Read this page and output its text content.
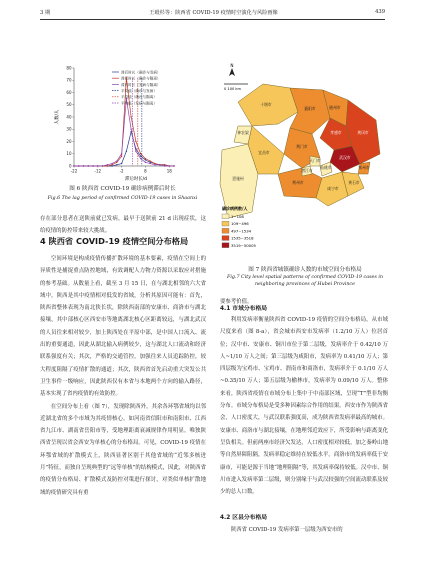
3 期	王殴杉等：陕西省 COVID-19 疫情时空演化与风险画像	439
0
10
20
30
40
50
60
70
80
-22	-12	-2	8	18
人数/人
滞后时长/d
滞后时长（确诊与发病）
滞后时长（确诊与隔离）
滞后时长（发病与隔离）
平均值（确诊与发病）
平均值（确诊与隔离）
平均值（发病与隔离）
图 6 陕西省 COVID-19 确诊病例滞后时长
Fig.6 The lag period of confirmed COVID-19 cases in Shaanxi
十堰市
襄阳市	随州市
荆门市
孝感市
武汉市
黄冈市
鄂州市
恩施州
宜昌市
荆州市
咸宁市
黄石市
天门市
潜江市
仙桃市
神农架
N
0 100 km
确诊病例数/人
1~108
109~496
497~1534
1535~3518
3519~50005
图 7 陕西省城镇确诊人数的市域空间分布格局
Fig.7 City level spatial patterns of confirmed COVID-19 cases in neighboring provinces of Hubei Province

存在部分患者在送陕前就已发病。最早于送陕前 21 d 出现症状，这给疫情的防控带来较大挑战。

4 陕西省 COVID-19 疫情空间分布格局

空间环境是构成疫情传播扩散环境的基本要素，疫情在空间上的异质性是捕捉重点防控地域，有效调配人力物力资源以采取应对措施的参考基础。从数量上看，截至 3 月 15 日，在与湖北相邻的六大省域中，陕西是其中疫情相对低发的省域，分析其原因可能有：首先，陕西省整体表现为南北狭长状，除陕西南部的安康市、商洛市与湖北接壤，其中部核心区西安市等地离湖北核心区距离较远，与湖北武汉的人员往来相对较少，加上陕西处在平原中部，是中国人口流入、流出的重要通道，因此从湖北输入病例较少，这与湖北人口流动和经济联系强度有关；其次，严格的交通管控，加强往来人员追踪防控，较大程度阻隔了疫情扩散的通道；其次，陕西省首先启动重大突发公共卫生事件一级响应，因此陕西仅有本省与本地两个方向的输入路径，基本实现了省内疫情的有效防控。

在空间分布上看（图 7），发现除陕西外，其余各环鄂省域均以邻近湖北省的多个市域为其疫情核心，如河南省信阳市和南阳市、江西省九江市、湖南省岳阳市等，受地理距离衰减规律作用明显。唯独陕西省呈现以省会西安为单核心的分布格局。可见，COVID-19 疫情在环鄂省域的扩散模式上，陕西显著区别于其他省域的“近邻多核迸月”特征，而独自呈现典型的“远等单核”的结构模式，因此，对陕西省的疫情分布格局、扩散模式及防控对策进行探讨，对类似单核扩散地域的疫情研究具有重

要参考价值。

4.1 市域分布格局

利用发病率衡量陕西省 COVID-19 疫情的空间分布格局，从市域尺度来看（图 8-a），省会城市西安市发病率（1.2/10 万人）位居首位；汉中市、安康市、铜川市位于第二层级，发病率介于 0.42/10 万人~1/10 万人之间；第三层级为咸阳市，发病率为 0.41/10 万人；第四层级为宝鸡市、宝鸡市、渭南市和商洛市，发病率介于 0.1/10 万人~0.35/10 万人；第五层级为榆林市，发病率为 0.09/10 万人。整体来看，陕西省疫情在市域分布上集中于中南部区域，呈现“T”型非均衡分布。市域分布格局是受多种因素综合作用的结果。西安市作为陕西省会，人口密度大，与武汉联系强度高，成为陕西省发病率最高的城市。安康市、商洛市与湖北接壤，在地理邻近效应下，所受影响与距离变化呈负相关。但前两座市经济欠发达，人口密度相对较低，加之秦岭山地等自然屏障阻隔，发病率稳定维持在较低水平。商洛市的发病率低于安康市，可能是源于当地“地理阻隔”等，其发病率保持较低。汉中市、铜川市进入发病率第二层级，则分别缘于与武汉较强的空间流动联系及较少的总人口数。

4.2 区县分布格局

陕西省 COVID-19 发病率第一层级为西安市的
